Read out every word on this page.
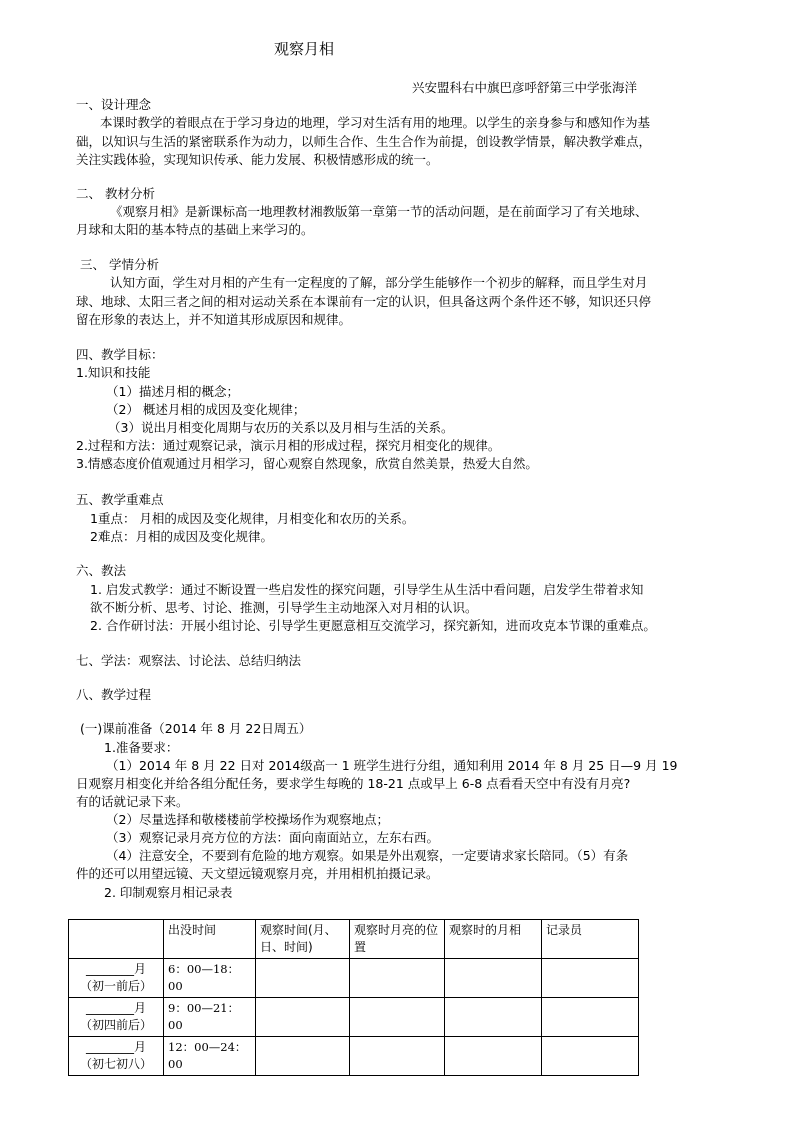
观察月相
兴安盟科右中旗巴彦呼舒第三中学张海洋
一、设计理念
本课时教学的着眼点在于学习身边的地理，学习对生活有用的地理。以学生的亲身参与和感知作为基
础，以知识与生活的紧密联系作为动力，以师生合作、生生合作为前提，创设教学情景，解决教学难点，
关注实践体验，实现知识传承、能力发展、积极情感形成的统一。
二、 教材分析
《观察月相》是新课标高一地理教材湘教版第一章第一节的活动问题，是在前面学习了有关地球、
月球和太阳的基本特点的基础上来学习的。
三、 学情分析
认知方面，学生对月相的产生有一定程度的了解，部分学生能够作一个初步的解释，而且学生对月
球、地球、太阳三者之间的相对运动关系在本课前有一定的认识，但具备这两个条件还不够，知识还只停
留在形象的表达上，并不知道其形成原因和规律。
四、教学目标：
1.知识和技能
（1）描述月相的概念；
（2） 概述月相的成因及变化规律；
（3）说出月相变化周期与农历的关系以及月相与生活的关系。
2.过程和方法：通过观察记录，演示月相的形成过程，探究月相变化的规律。
3.情感态度价值观通过月相学习，留心观察自然现象，欣赏自然美景，热爱大自然。
五、教学重难点
1重点： 月相的成因及变化规律，月相变化和农历的关系。
2难点：月相的成因及变化规律。
六、教法
1. 启发式教学：通过不断设置一些启发性的探究问题，引导学生从生活中看问题，启发学生带着求知
欲不断分析、思考、讨论、推测，引导学生主动地深入对月相的认识。
2. 合作研讨法：开展小组讨论、引导学生更愿意相互交流学习，探究新知，进而攻克本节课的重难点。
七、学法：观察法、讨论法、总结归纳法
八、教学过程
(一)课前准备（2014 年 8 月 22日周五）
1.准备要求：
（1）2014 年 8 月 22 日对 2014级高一 1 班学生进行分组，通知利用 2014 年 8 月 25 日—9 月 19
日观察月相变化并给各组分配任务，要求学生每晚的 18-21 点或早上 6-8 点看看天空中有没有月亮?
有的话就记录下来。
（2）尽量选择和敬楼楼前学校操场作为观察地点；
（3）观察记录月亮方位的方法：面向南面站立，左东右西。
（4）注意安全，不要到有危险的地方观察。如果是外出观察，一定要请求家长陪同。（5）有条
件的还可以用望远镜、天文望远镜观察月亮，并用相机拍摄记录。
2. 印制观察月相记录表
	出没时间	观察时间(月、日、时间)	观察时月亮的位置	观察时的月相	记录员

________月
（初一前后）	6：00—18：00				

________月
（初四前后）	9：00—21：00				

________月
（初七初八）	12：00—24：00				
